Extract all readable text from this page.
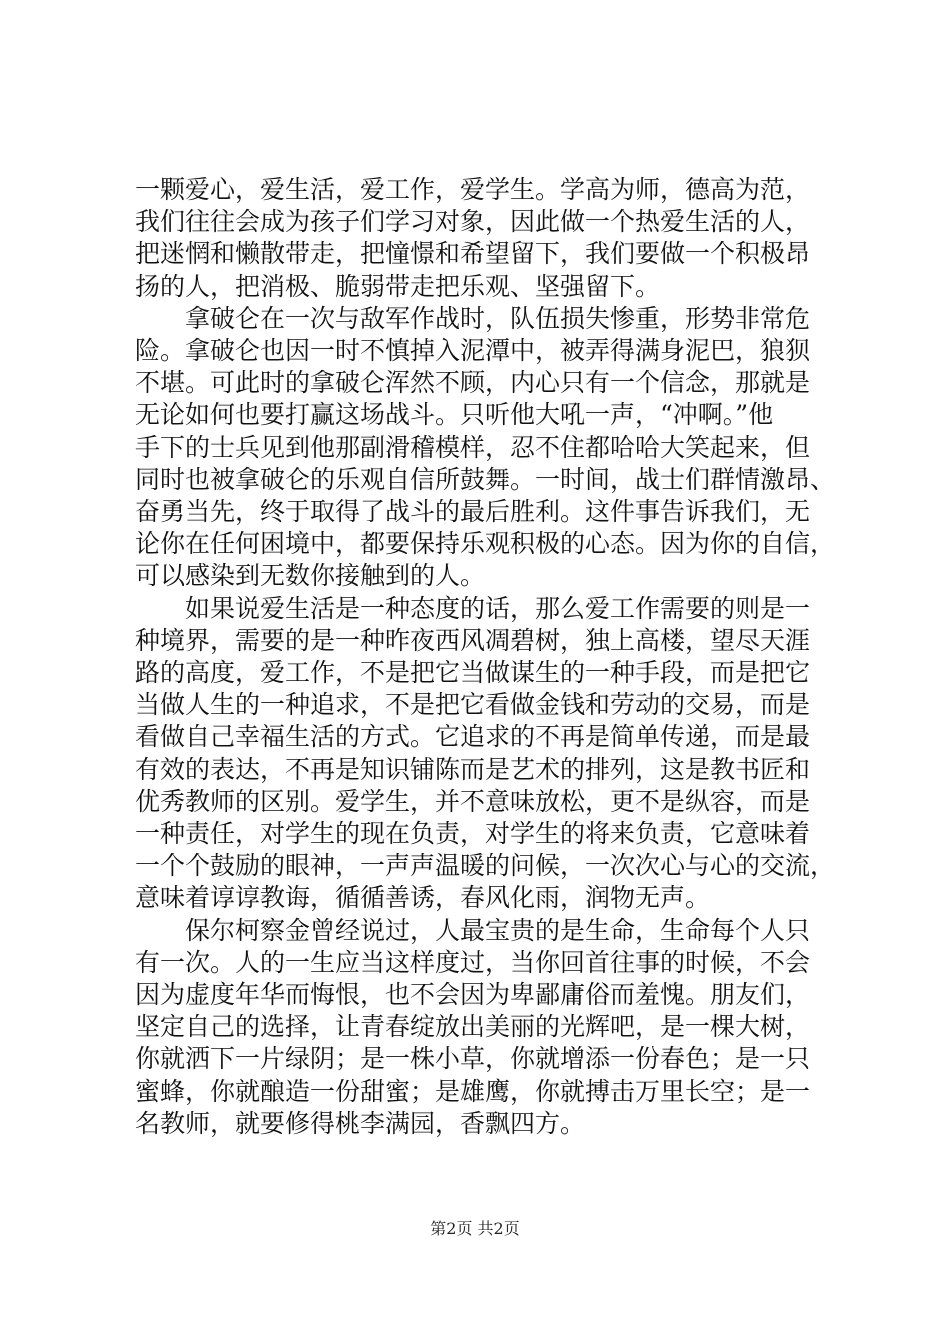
一颗爱心，爱生活，爱工作，爱学生。学高为师，德高为范，
我们往往会成为孩子们学习对象，因此做一个热爱生活的人，
把迷惘和懒散带走，把憧憬和希望留下，我们要做一个积极昂
扬的人，把消极、脆弱带走把乐观、坚强留下。

拿破仑在一次与敌军作战时，队伍损失惨重，形势非常危
险。拿破仑也因一时不慎掉入泥潭中，被弄得满身泥巴，狼狈
不堪。可此时的拿破仑浑然不顾，内心只有一个信念，那就是
无论如何也要打赢这场战斗。只听他大吼一声，“冲啊。”他
手下的士兵见到他那副滑稽模样，忍不住都哈哈大笑起来，但
同时也被拿破仑的乐观自信所鼓舞。一时间，战士们群情激昂、
奋勇当先，终于取得了战斗的最后胜利。这件事告诉我们，无
论你在任何困境中，都要保持乐观积极的心态。因为你的自信，
可以感染到无数你接触到的人。

如果说爱生活是一种态度的话，那么爱工作需要的则是一
种境界，需要的是一种昨夜西风凋碧树，独上高楼，望尽天涯
路的高度，爱工作，不是把它当做谋生的一种手段，而是把它
当做人生的一种追求，不是把它看做金钱和劳动的交易，而是
看做自己幸福生活的方式。它追求的不再是简单传递，而是最
有效的表达，不再是知识铺陈而是艺术的排列，这是教书匠和
优秀教师的区别。爱学生，并不意味放松，更不是纵容，而是
一种责任，对学生的现在负责，对学生的将来负责，它意味着
一个个鼓励的眼神，一声声温暖的问候，一次次心与心的交流，
意味着谆谆教诲，循循善诱，春风化雨，润物无声。

保尔柯察金曾经说过，人最宝贵的是生命，生命每个人只
有一次。人的一生应当这样度过，当你回首往事的时候，不会
因为虚度年华而悔恨，也不会因为卑鄙庸俗而羞愧。朋友们，
坚定自己的选择，让青春绽放出美丽的光辉吧，是一棵大树，
你就洒下一片绿阴；是一株小草，你就增添一份春色；是一只
蜜蜂，你就酿造一份甜蜜；是雄鹰，你就搏击万里长空；是一
名教师，就要修得桃李满园，香飘四方。

第2页 共2页
